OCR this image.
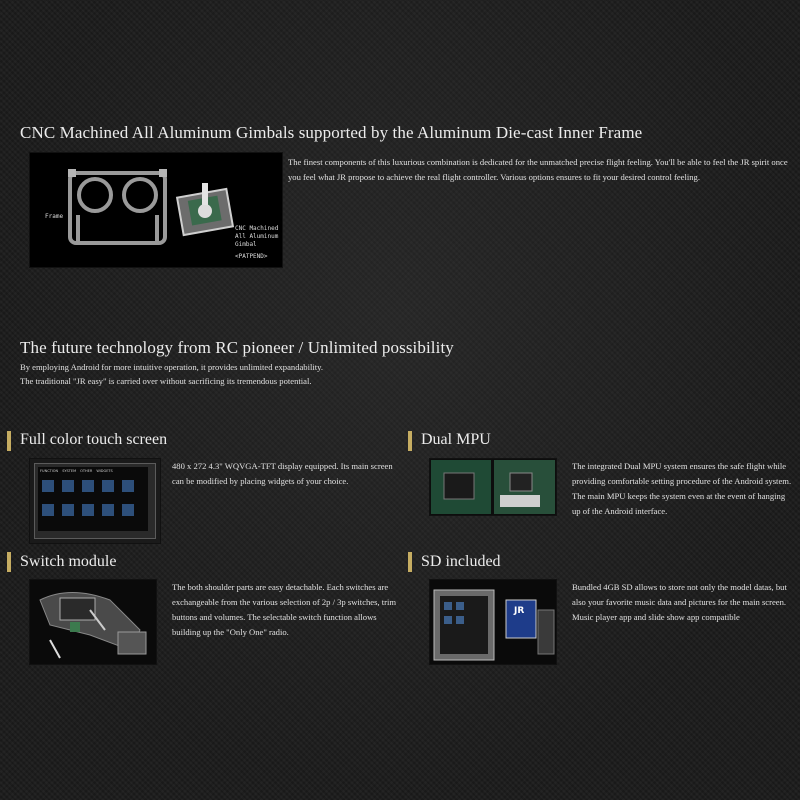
CNC Machined All Aluminum Gimbals supported by the Aluminum Die-cast Inner Frame
Frame
CNC Machined
All Aluminum
Gimbal
<PATPEND>
The finest components of this luxurious combination is dedicated for the unmatched precise flight feeling. You'll be able to feel the JR spirit once you feel what JR propose to achieve the real flight controller. Various options ensures to fit your desired control feeling.
The future technology from RC pioneer / Unlimited possibility
By employing Android for more intuitive operation, it provides unlimited expandability.
The traditional "JR easy" is carried over without sacrificing its tremendous potential.
Full color touch screen
FUNCTION SYSTEM OTHER WIDGETS	480 x 272 4.3" WQVGA-TFT display equipped. Its main screen can be modified by placing widgets of your choice.
Dual MPU
The integrated Dual MPU system ensures the safe flight while providing comfortable setting procedure of the Android system. The main MPU keeps the system even at the event of hanging up of the Android interface.
Switch module
The both shoulder parts are easy detachable. Each switches are exchangeable from the various selection of 2p / 3p switches, trim buttons and volumes. The selectable switch function allows building up the "Only One" radio.
SD included
JR
Bundled 4GB SD allows to store not only the model datas, but also your favorite music data and pictures for the main screen. Music player app and slide show app compatible
